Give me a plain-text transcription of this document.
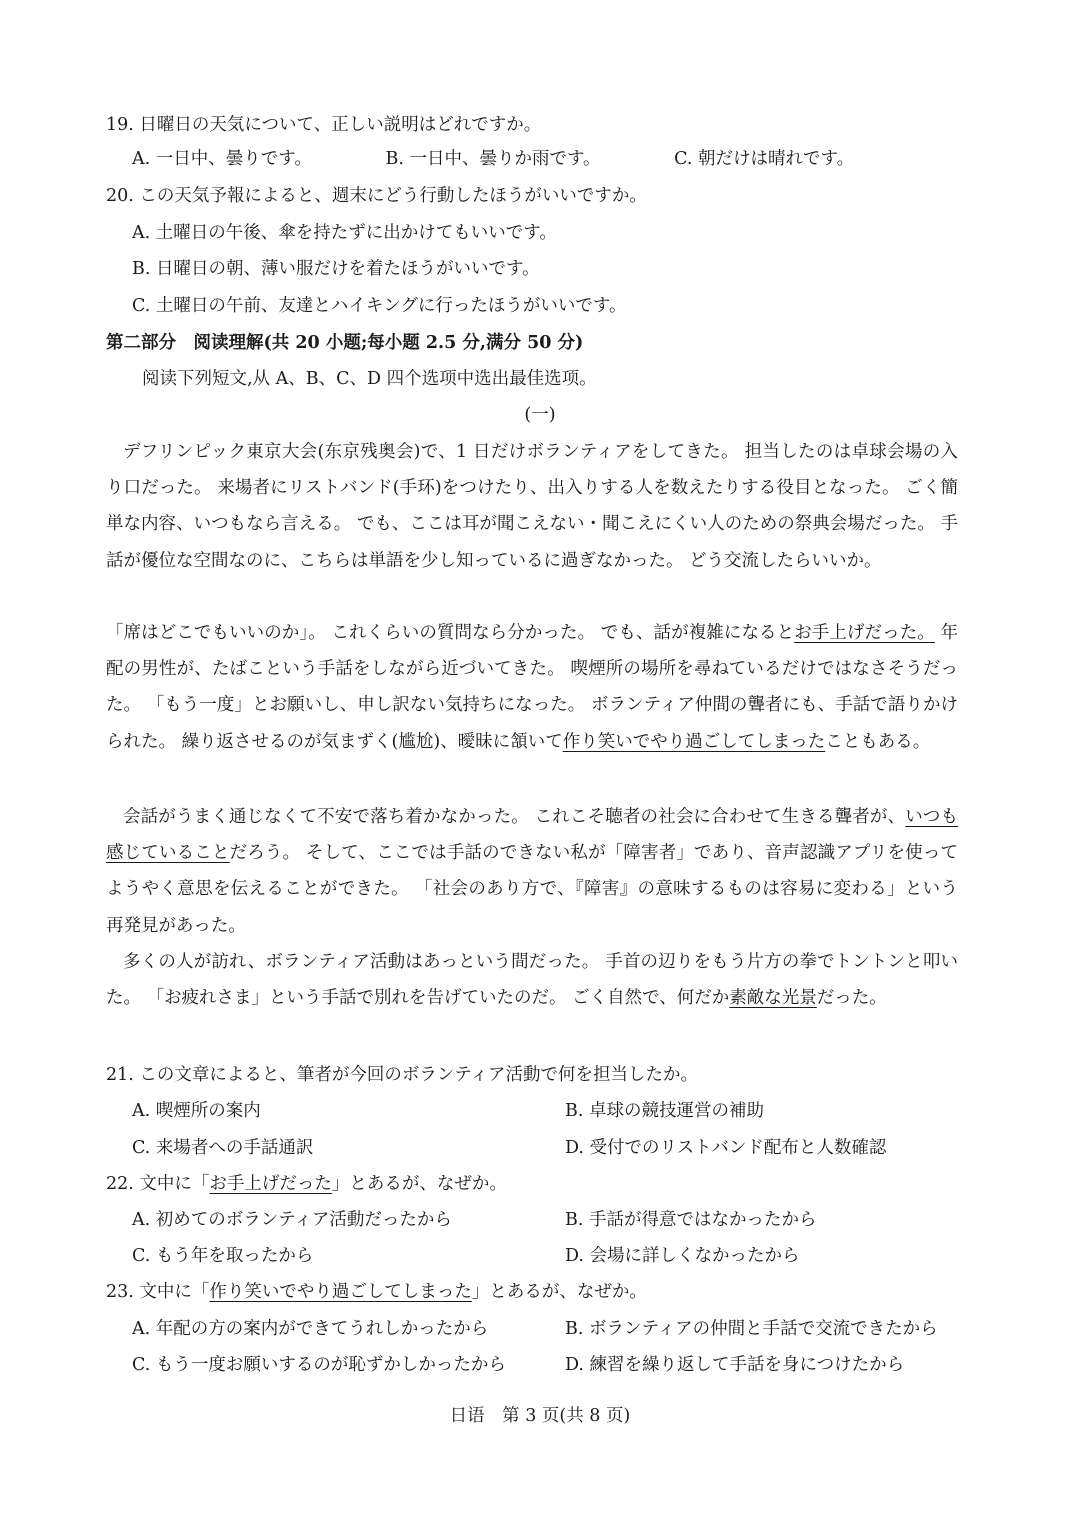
19. 日曜日の天気について、正しい説明はどれですか。
A. 一日中、曇りです。	B. 一日中、曇りか雨です。	C. 朝だけは晴れです。
20. この天気予報によると、週末にどう行動したほうがいいですか。
A. 土曜日の午後、傘を持たずに出かけてもいいです。
B. 日曜日の朝、薄い服だけを着たほうがいいです。
C. 土曜日の午前、友達とハイキングに行ったほうがいいです。
第二部分　阅读理解(共 20 小题;每小题 2.5 分,满分 50 分)
阅读下列短文,从 A、B、C、D 四个选项中选出最佳选项。
(一)
デフリンピック東京大会(东京残奥会)で、1 日だけボランティアをしてきた。 担当したのは卓球会場の入り口だった。 来場者にリストバンド(手环)をつけたり、出入りする人を数えたりする役目となった。 ごく簡単な内容、いつもなら言える。 でも、ここは耳が聞こえない・聞こえにくい人のための祭典会場だった。 手話が優位な空間なのに、こちらは単語を少し知っているに過ぎなかった。 どう交流したらいいか。
「席はどこでもいいのか」。 これくらいの質問なら分かった。 でも、話が複雑になるとお手上げだった。 年配の男性が、たばこという手話をしながら近づいてきた。 喫煙所の場所を尋ねているだけではなさそうだった。 「もう一度」とお願いし、申し訳ない気持ちになった。 ボランティア仲間の聾者にも、手話で語りかけられた。 繰り返させるのが気まずく(尴尬)、曖昧に頷いて作り笑いでやり過ごしてしまったこともある。
会話がうまく通じなくて不安で落ち着かなかった。 これこそ聴者の社会に合わせて生きる聾者が、いつも感じていることだろう。 そして、ここでは手話のできない私が「障害者」であり、音声認識アプリを使ってようやく意思を伝えることができた。 「社会のあり方で、『障害』の意味するものは容易に変わる」という再発見があった。
多くの人が訪れ、ボランティア活動はあっという間だった。 手首の辺りをもう片方の拳でトントンと叩いた。 「お疲れさま」という手話で別れを告げていたのだ。 ごく自然で、何だか素敵な光景だった。
21. この文章によると、筆者が今回のボランティア活動で何を担当したか。
A. 喫煙所の案内	B. 卓球の競技運営の補助
C. 来場者への手話通訳	D. 受付でのリストバンド配布と人数確認
22. 文中に「お手上げだった」とあるが、なぜか。
A. 初めてのボランティア活動だったから	B. 手話が得意ではなかったから
C. もう年を取ったから	D. 会場に詳しくなかったから
23. 文中に「作り笑いでやり過ごしてしまった」とあるが、なぜか。
A. 年配の方の案内ができてうれしかったから	B. ボランティアの仲間と手話で交流できたから
C. もう一度お願いするのが恥ずかしかったから	D. 練習を繰り返して手話を身につけたから
日语　第 3 页(共 8 页)
